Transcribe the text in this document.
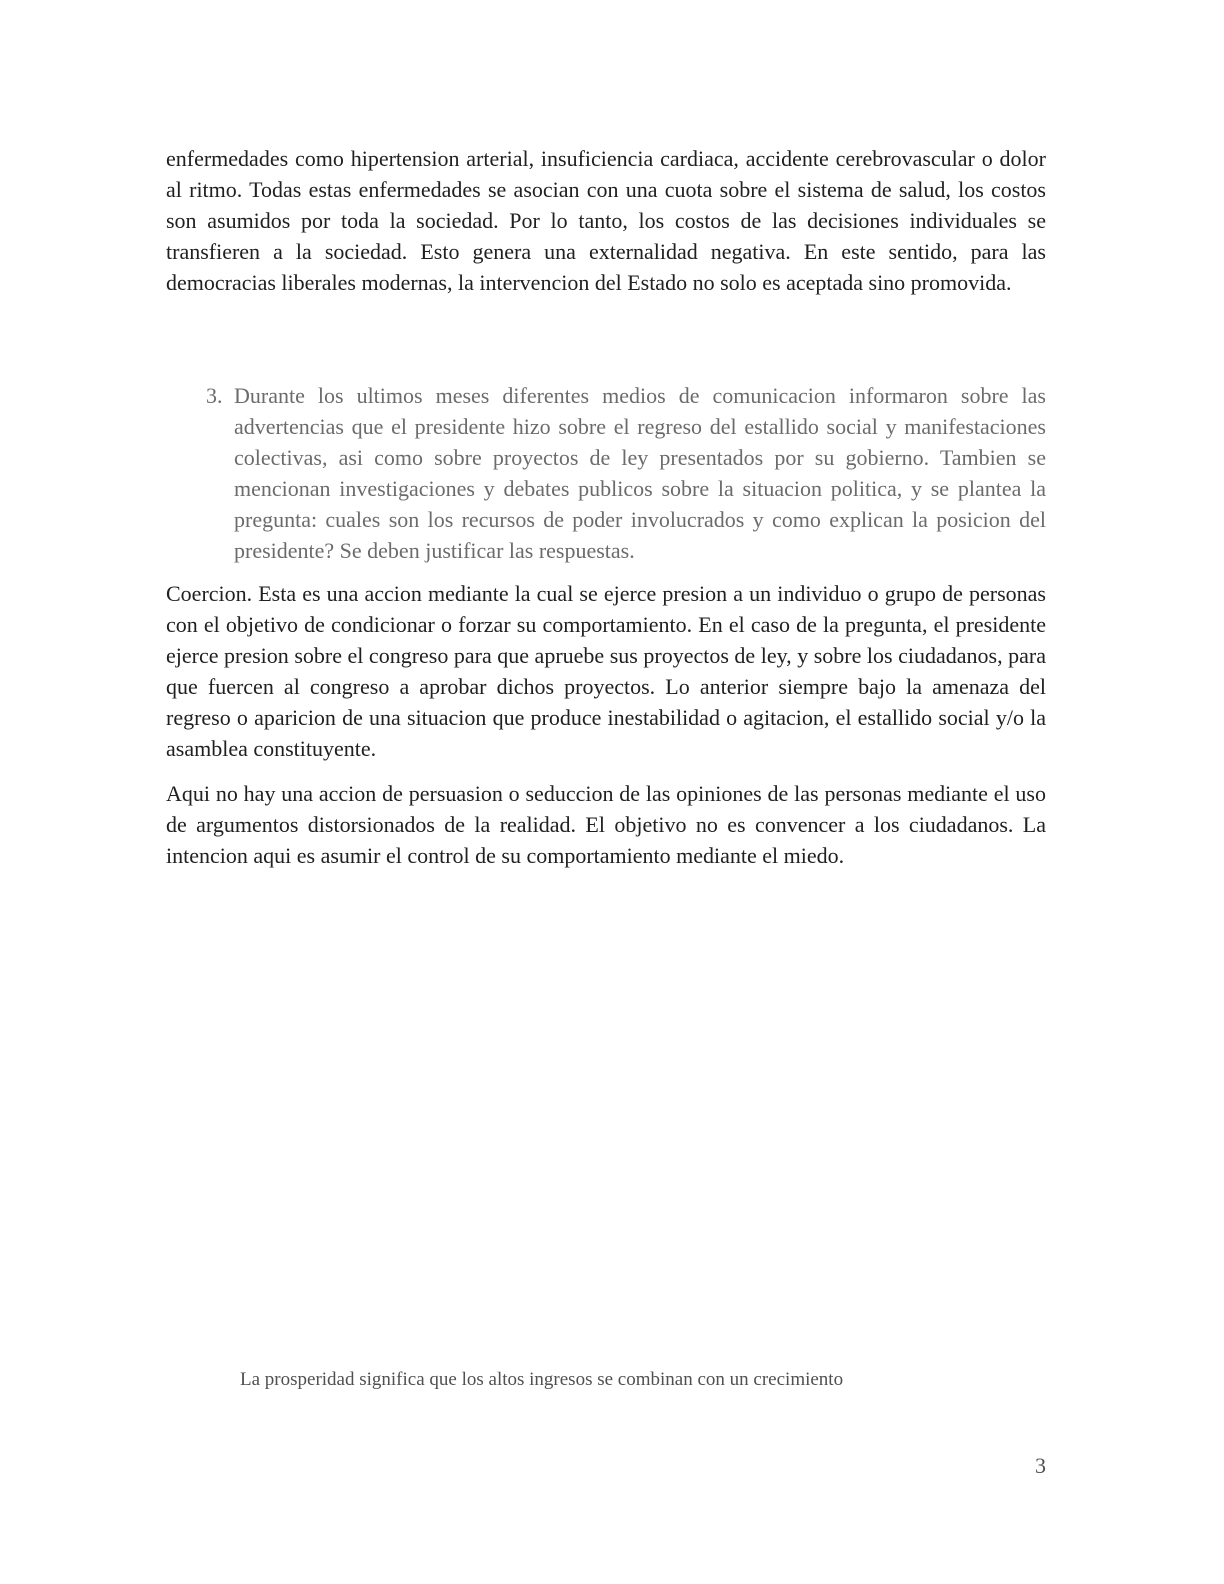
enfermedades como hipertension arterial, insuficiencia cardiaca, accidente cerebrovascular o dolor al ritmo. Todas estas enfermedades se asocian con una cuota sobre el sistema de salud, los costos son asumidos por toda la sociedad. Por lo tanto, los costos de las decisiones individuales se transfieren a la sociedad. Esto genera una externalidad negativa. En este sentido, para las democracias liberales modernas, la intervencion del Estado no solo es aceptada sino promovida.

3. Durante los ultimos meses diferentes medios de comunicacion informaron sobre las advertencias que el presidente hizo sobre el regreso del estallido social y manifestaciones colectivas, asi como sobre proyectos de ley presentados por su gobierno. Tambien se mencionan investigaciones y debates publicos sobre la situacion politica, y se plantea la pregunta: cuales son los recursos de poder involucrados y como explican la posicion del presidente? Se deben justificar las respuestas.

Coercion. Esta es una accion mediante la cual se ejerce presion a un individuo o grupo de personas con el objetivo de condicionar o forzar su comportamiento. En el caso de la pregunta, el presidente ejerce presion sobre el congreso para que apruebe sus proyectos de ley, y sobre los ciudadanos, para que fuercen al congreso a aprobar dichos proyectos. Lo anterior siempre bajo la amenaza del regreso o aparicion de una situacion que produce inestabilidad o agitacion, el estallido social y/o la asamblea constituyente.

Aqui no hay una accion de persuasion o seduccion de las opiniones de las personas mediante el uso de argumentos distorsionados de la realidad. El objetivo no es convencer a los ciudadanos. La intencion aqui es asumir el control de su comportamiento mediante el miedo.

La prosperidad significa que los altos ingresos se combinan con un crecimiento
3
